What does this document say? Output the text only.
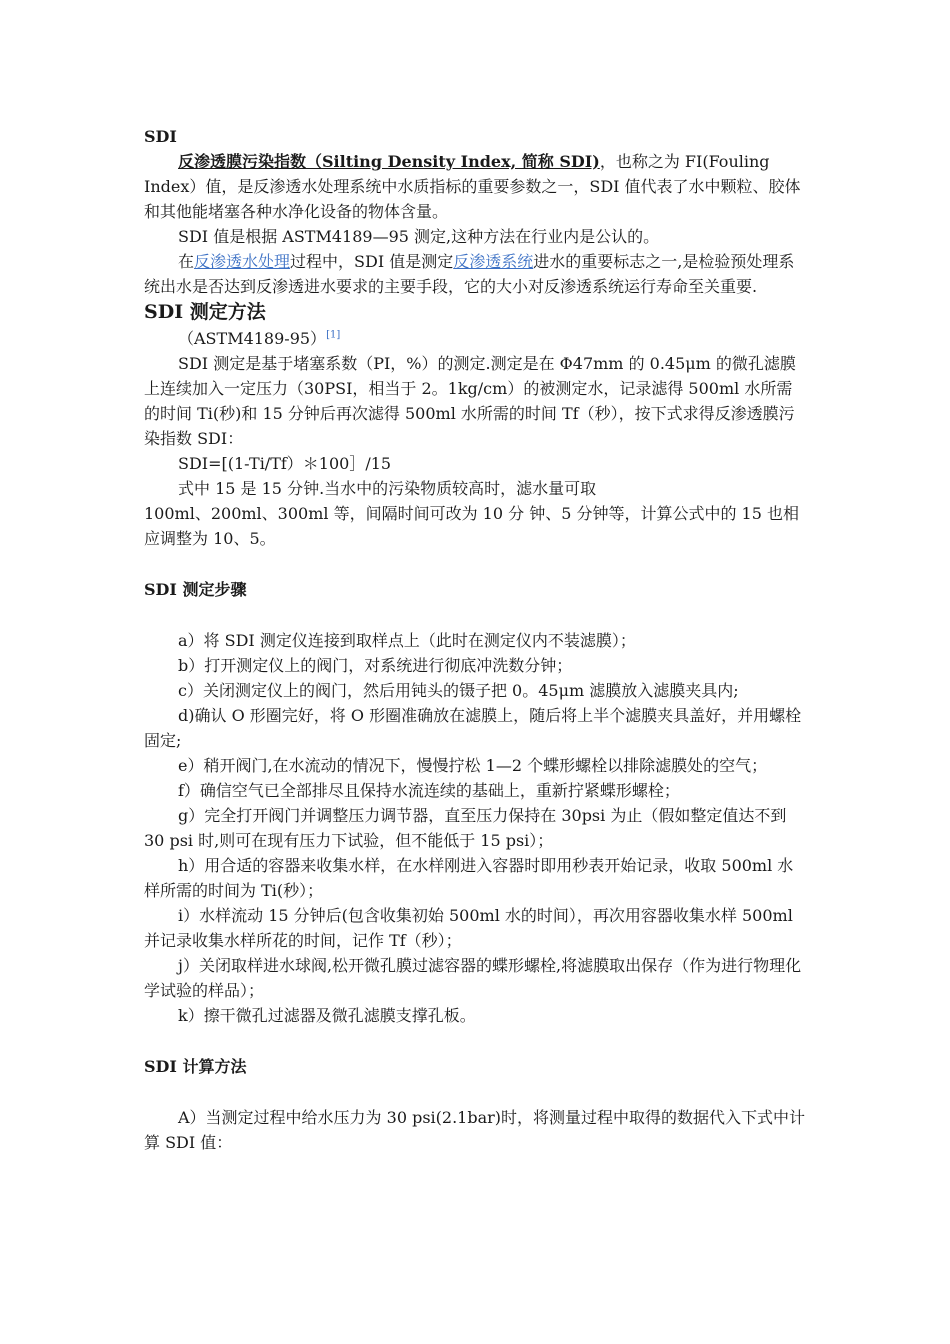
SDI

反渗透膜污染指数（Silting Density Index, 简称 SDI)，也称之为 FI(Fouling Index）值，是反渗透水处理系统中水质指标的重要参数之一，SDI 值代表了水中颗粒、胶体和其他能堵塞各种水净化设备的物体含量。

SDI 值是根据 ASTM4189—95 测定,这种方法在行业内是公认的。

在反渗透水处理过程中，SDI 值是测定反渗透系统进水的重要标志之一,是检验预处理系统出水是否达到反渗透进水要求的主要手段，它的大小对反渗透系统运行寿命至关重要.

SDI 测定方法

（ASTM4189-95）[1]

SDI 测定是基于堵塞系数（PI，%）的测定.测定是在 Φ47mm 的 0.45μm 的微孔滤膜上连续加入一定压力（30PSI，相当于 2。1kg/cm）的被测定水，记录滤得 500ml 水所需的时间 Ti(秒)和 15 分钟后再次滤得 500ml 水所需的时间 Tf（秒），按下式求得反渗透膜污染指数 SDI：

SDI=[(1-Ti/Tf）＊100］/15

式中 15 是 15 分钟.当水中的污染物质较高时，滤水量可取

100ml、200ml、300ml 等，间隔时间可改为 10 分 钟、5 分钟等，计算公式中的 15 也相应调整为 10、5。

SDI 测定步骤

a）将 SDI 测定仪连接到取样点上（此时在测定仪内不装滤膜）；

b）打开测定仪上的阀门，对系统进行彻底冲洗数分钟；

c）关闭测定仪上的阀门，然后用钝头的镊子把 0。45μm 滤膜放入滤膜夹具内;

d)确认 O 形圈完好，将 O 形圈准确放在滤膜上，随后将上半个滤膜夹具盖好，并用螺栓固定;

e）稍开阀门,在水流动的情况下，慢慢拧松 1—2 个蝶形螺栓以排除滤膜处的空气；

f）确信空气已全部排尽且保持水流连续的基础上，重新拧紧蝶形螺栓；

g）完全打开阀门并调整压力调节器，直至压力保持在 30psi 为止（假如整定值达不到 30 psi 时,则可在现有压力下试验，但不能低于 15 psi）；

h）用合适的容器来收集水样，在水样刚进入容器时即用秒表开始记录，收取 500ml 水样所需的时间为 Ti(秒）；

i）水样流动 15 分钟后(包含收集初始 500ml 水的时间），再次用容器收集水样 500ml 并记录收集水样所花的时间，记作 Tf（秒）；

j）关闭取样进水球阀,松开微孔膜过滤容器的蝶形螺栓,将滤膜取出保存（作为进行物理化学试验的样品）；

k）擦干微孔过滤器及微孔滤膜支撑孔板。

SDI 计算方法

A）当测定过程中给水压力为 30 psi(2.1bar)时，将测量过程中取得的数据代入下式中计算 SDI 值：
